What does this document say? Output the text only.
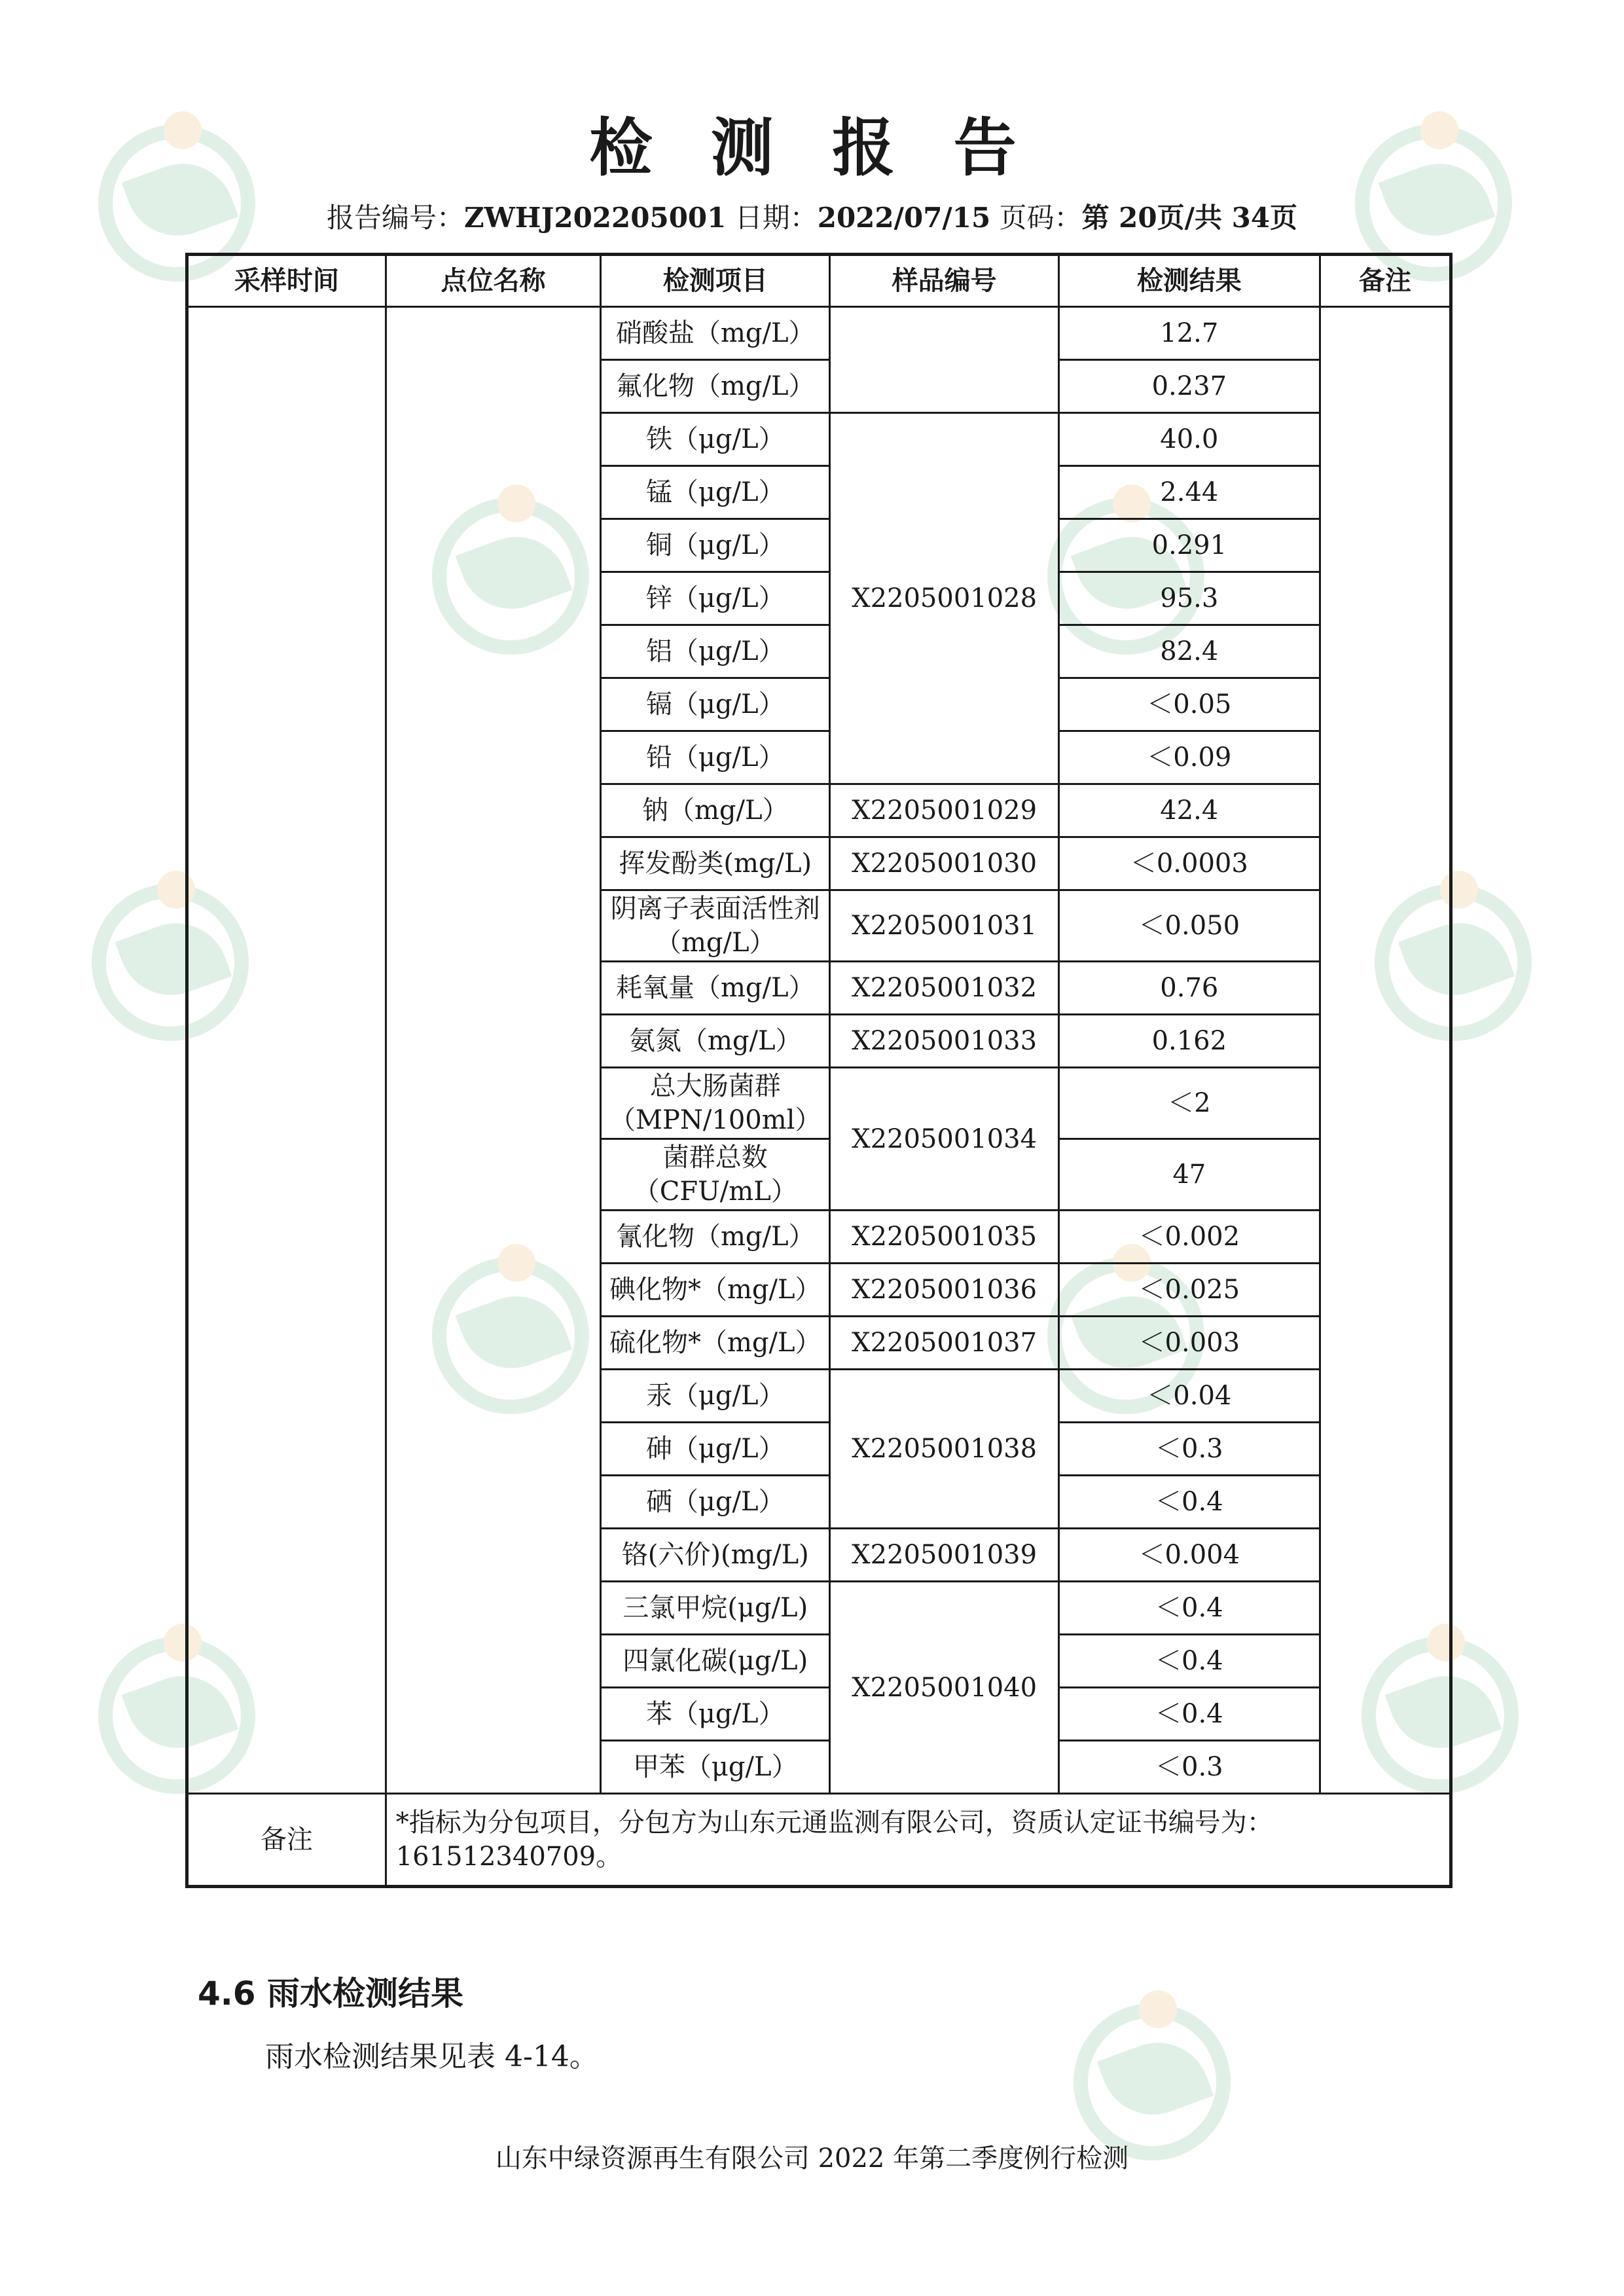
检 测 报 告
报告编号：ZWHJ202205001 日期：2022/07/15 页码：第 20页/共 34页
采样时间	点位名称	检测项目	样品编号	检测结果	备注
		硝酸盐（mg/L）		12.7	
		氟化物（mg/L）		0.237	
		铁（μg/L）	X2205001028	40.0	
		锰（μg/L）		2.44	
		铜（μg/L）		0.291	
		锌（μg/L）		95.3	
		铝（μg/L）		82.4	
		镉（μg/L）		＜0.05	
		铅（μg/L）		＜0.09	
		钠（mg/L）	X2205001029	42.4	
		挥发酚类(mg/L)	X2205001030	＜0.0003	
		阴离子表面活性剂（mg/L）	X2205001031	＜0.050	
		耗氧量（mg/L）	X2205001032	0.76	
		氨氮（mg/L）	X2205001033	0.162	
		总大肠菌群（MPN/100ml）	X2205001034	＜2	
		菌群总数（CFU/mL）		47	
		氰化物（mg/L）	X2205001035	＜0.002	
		碘化物*（mg/L）	X2205001036	＜0.025	
		硫化物*（mg/L）	X2205001037	＜0.003	
		汞（μg/L）	X2205001038	＜0.04	
		砷（μg/L）		＜0.3	
		硒（μg/L）		＜0.4	
		铬(六价)(mg/L)	X2205001039	＜0.004	
		三氯甲烷(μg/L)	X2205001040	＜0.4	
		四氯化碳(μg/L)		＜0.4	
		苯（μg/L）		＜0.4	
		甲苯（μg/L）		＜0.3	
备注	*指标为分包项目，分包方为山东元通监测有限公司，资质认定证书编号为：161512340709。				
4.6 雨水检测结果
雨水检测结果见表 4-14。
山东中绿资源再生有限公司 2022 年第二季度例行检测
